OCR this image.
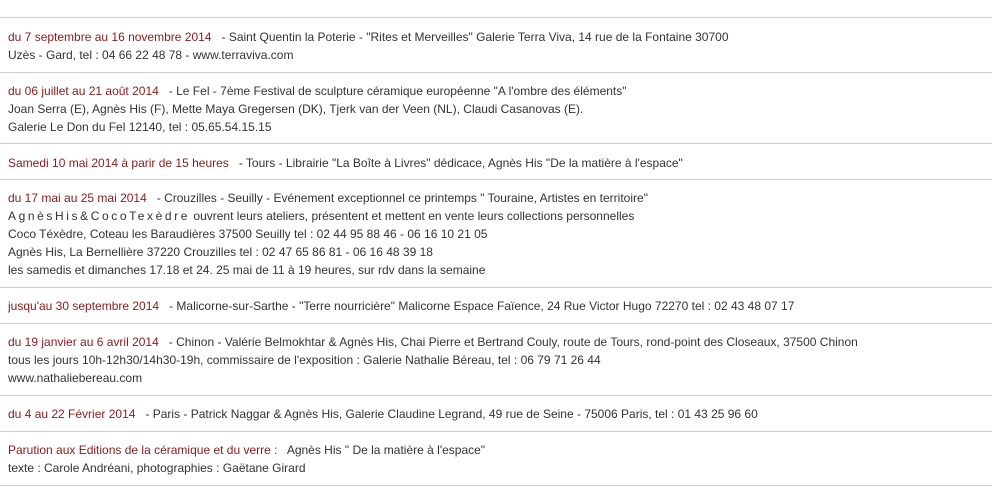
du 7 septembre au 16 novembre 2014   - Saint Quentin la Poterie - "Rites et Merveilles" Galerie Terra Viva, 14 rue de la Fontaine 30700
Uzès - Gard, tel : 04 66 22 48 78 - www.terraviva.com
du 06 juillet au 21 août 2014   - Le Fel - 7ème Festival de sculpture céramique européenne "A l'ombre des éléments"
Joan Serra (E), Agnès His (F), Mette Maya Gregersen (DK), Tjerk van der Veen (NL), Claudi Casanovas (E).
Galerie Le Don du Fel 12140, tel : 05.65.54.15.15
Samedi 10 mai 2014 à parir de 15 heures   - Tours - Librairie "La Boîte à Livres" dédicace, Agnès His "De la matière à l'espace"
du 17 mai au 25 mai 2014   - Crouzilles - Seuilly - Evénement exceptionnel ce printemps " Touraine, Artistes en territoire"
AgnèsHis&CocoTexèdre ouvrent leurs ateliers, présentent et mettent en vente leurs collections personnelles
Coco Téxèdre, Coteau les Baraudières 37500 Seuilly tel : 02 44 95 88 46 - 06 16 10 21 05
Agnès His, La Bernellière 37220 Crouzilles tel : 02 47 65 86 81 - 06 16 48 39 18
les samedis et dimanches 17.18 et 24. 25 mai de 11 à 19 heures, sur rdv dans la semaine
jusqu'au 30 septembre 2014   - Malicorne-sur-Sarthe - "Terre nourricière" Malicorne Espace Faïence, 24 Rue Victor Hugo 72270 tel : 02 43 48 07 17
du 19 janvier au 6 avril 2014   - Chinon - Valérie Belmokhtar & Agnès His, Chai Pierre et Bertrand Couly, route de Tours, rond-point des Closeaux, 37500 Chinon
tous les jours 10h-12h30/14h30-19h, commissaire de l'exposition : Galerie Nathalie Béreau, tel : 06 79 71 26 44
www.nathaliebereau.com
du 4 au 22 Février 2014   - Paris - Patrick Naggar & Agnès His, Galerie Claudine Legrand, 49 rue de Seine - 75006 Paris, tel : 01 43 25 96 60
Parution aux Editions de la céramique et du verre :   Agnès His " De la matière à l'espace"
texte : Carole Andréani, photographies : Gaëtane Girard
